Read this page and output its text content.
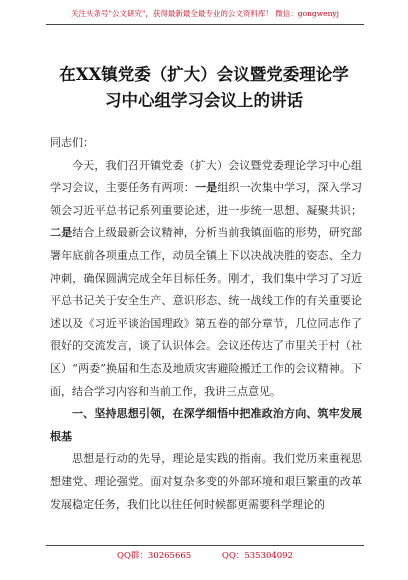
关注头条号"公文研究"，获得最新最全最专业的公文资料库！ 微信：gongwenyj
在XX镇党委（扩大）会议暨党委理论学
习中心组学习会议上的讲话

同志们：

今天，我们召开镇党委（扩大）会议暨党委理论学习中心组学习会议，主要任务有两项：一是组织一次集中学习，深入学习领会习近平总书记系列重要论述，进一步统一思想、凝聚共识；二是结合上级最新会议精神，分析当前我镇面临的形势，研究部署年底前各项重点工作，动员全镇上下以决战决胜的姿态、全力冲刺，确保圆满完成全年目标任务。刚才，我们集中学习了习近平总书记关于安全生产、意识形态、统一战线工作的有关重要论述以及《习近平谈治国理政》第五卷的部分章节，几位同志作了很好的交流发言，谈了认识体会。会议还传达了市里关于村（社区）“两委”换届和生态及地质灾害避险搬迁工作的会议精神。下面，结合学习内容和当前工作，我讲三点意见。

一、坚持思想引领，在深学细悟中把准政治方向、筑牢发展根基

思想是行动的先导，理论是实践的指南。我们党历来重视思想建党、理论强党。面对复杂多变的外部环境和艰巨繁重的改革发展稳定任务，我们比以往任何时候都更需要科学理论的

QQ群：30265665	QQ：535304092
